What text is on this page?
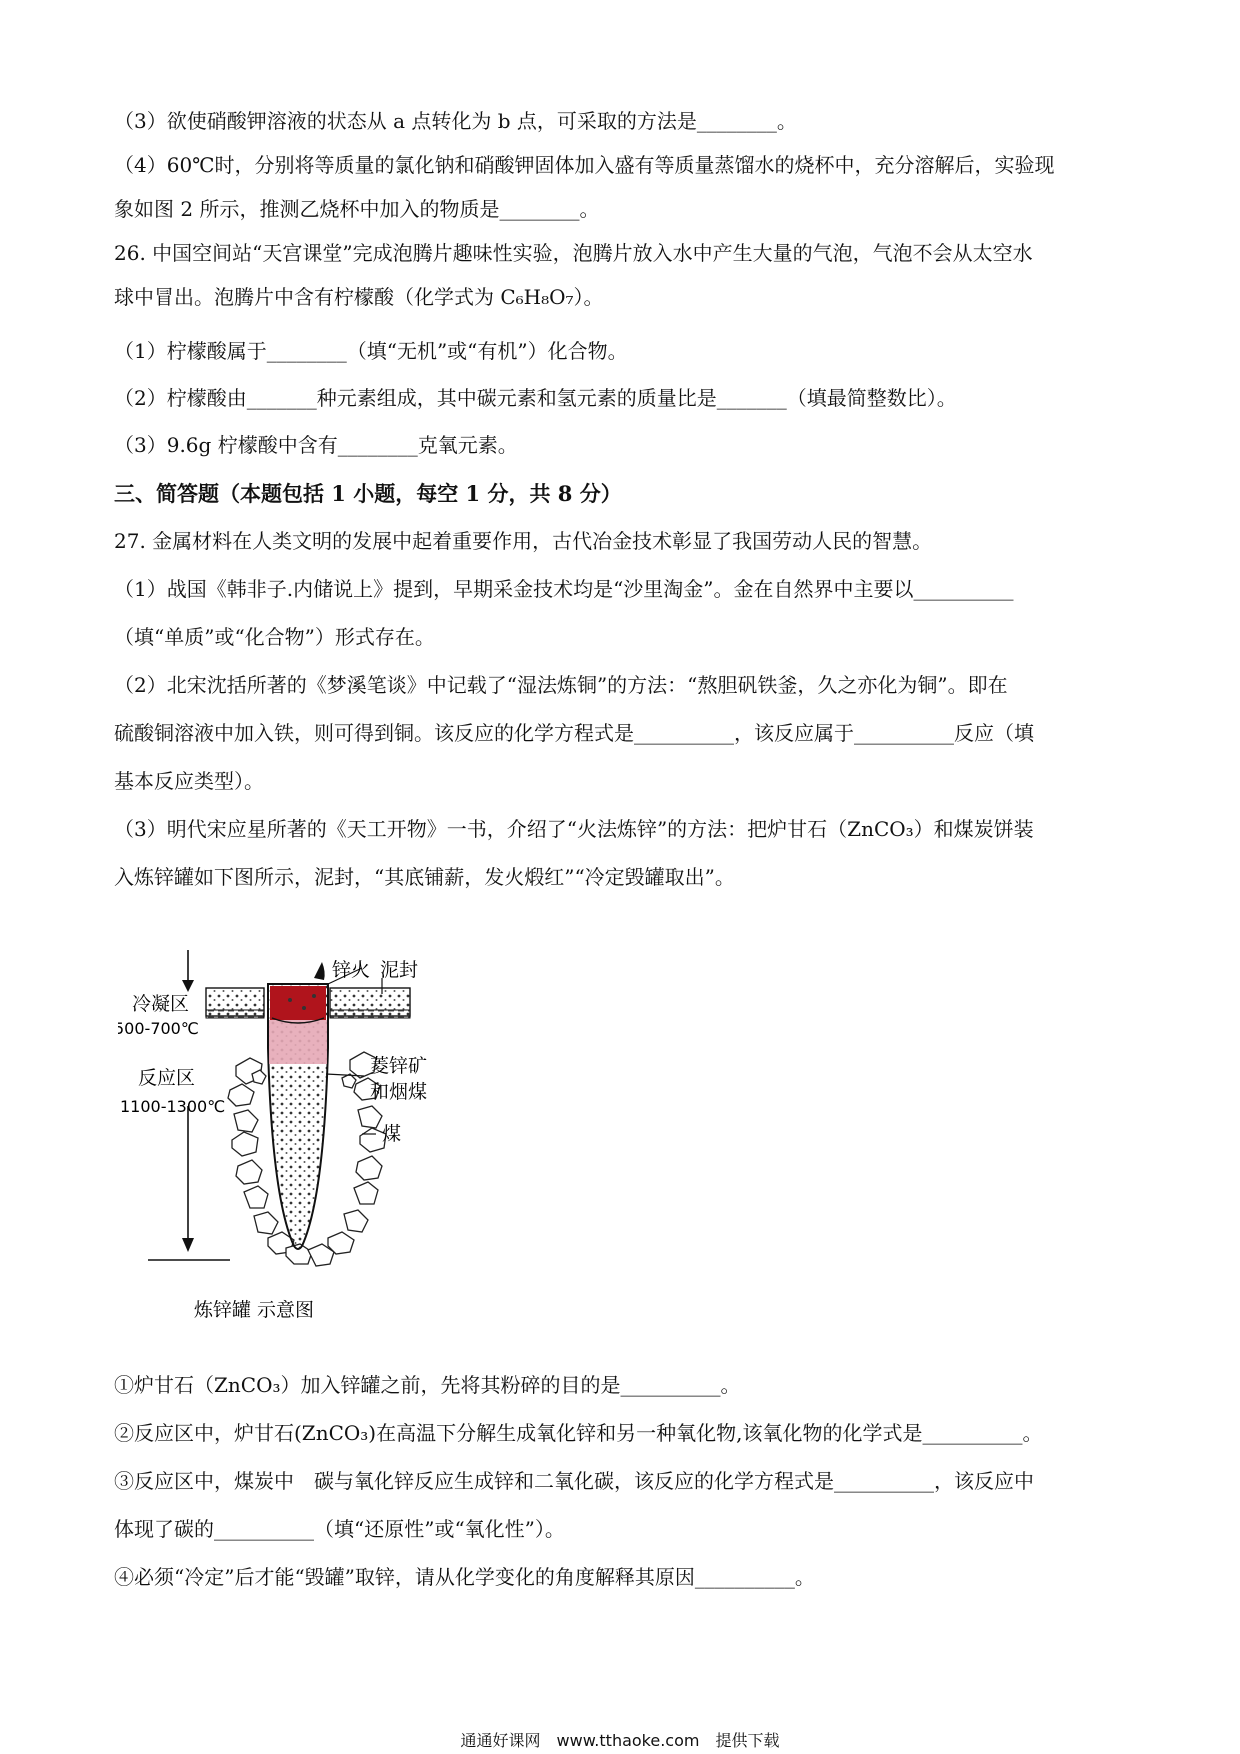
（3）欲使硝酸钾溶液的状态从 a 点转化为 b 点，可采取的方法是________。
（4）60℃时，分别将等质量的氯化钠和硝酸钾固体加入盛有等质量蒸馏水的烧杯中，充分溶解后，实验现
象如图 2 所示，推测乙烧杯中加入的物质是________。
26. 中国空间站“天宫课堂”完成泡腾片趣味性实验，泡腾片放入水中产生大量的气泡，气泡不会从太空水
球中冒出。泡腾片中含有柠檬酸（化学式为 C₆H₈O₇）。
（1）柠檬酸属于________（填“无机”或“有机”）化合物。
（2）柠檬酸由_______种元素组成，其中碳元素和氢元素的质量比是_______（填最简整数比）。
（3）9.6g 柠檬酸中含有________克氧元素。
三、简答题（本题包括 1 小题，每空 1 分，共 8 分）
27. 金属材料在人类文明的发展中起着重要作用，古代冶金技术彰显了我国劳动人民的智慧。
（1）战国《韩非子.内储说上》提到，早期采金技术均是“沙里淘金”。金在自然界中主要以__________
（填“单质”或“化合物”）形式存在。
（2）北宋沈括所著的《梦溪笔谈》中记载了“湿法炼铜”的方法：“熬胆矾铁釜，久之亦化为铜”。即在
硫酸铜溶液中加入铁，则可得到铜。该反应的化学方程式是__________，该反应属于__________反应（填
基本反应类型）。
（3）明代宋应星所著的《天工开物》一书，介绍了“火法炼锌”的方法：把炉甘石（ZnCO₃）和煤炭饼装
入炼锌罐如下图所示，泥封，“其底铺薪，发火煅红”“冷定毁罐取出”。
锌火 泥封
冷凝区
500-700℃
反应区
1100-1300℃
菱锌矿
和烟煤
煤
炼锌罐 示意图
①炉甘石（ZnCO₃）加入锌罐之前，先将其粉碎的目的是__________。
②反应区中，炉甘石(ZnCO₃)在高温下分解生成氧化锌和另一种氧化物,该氧化物的化学式是__________。
③反应区中，煤炭中　碳与氧化锌反应生成锌和二氧化碳，该反应的化学方程式是__________，该反应中
体现了碳的__________（填“还原性”或“氧化性”）。
④必须“冷定”后才能“毁罐”取锌，请从化学变化的角度解释其原因__________。
通通好课网　www.tthaoke.com　提供下载
